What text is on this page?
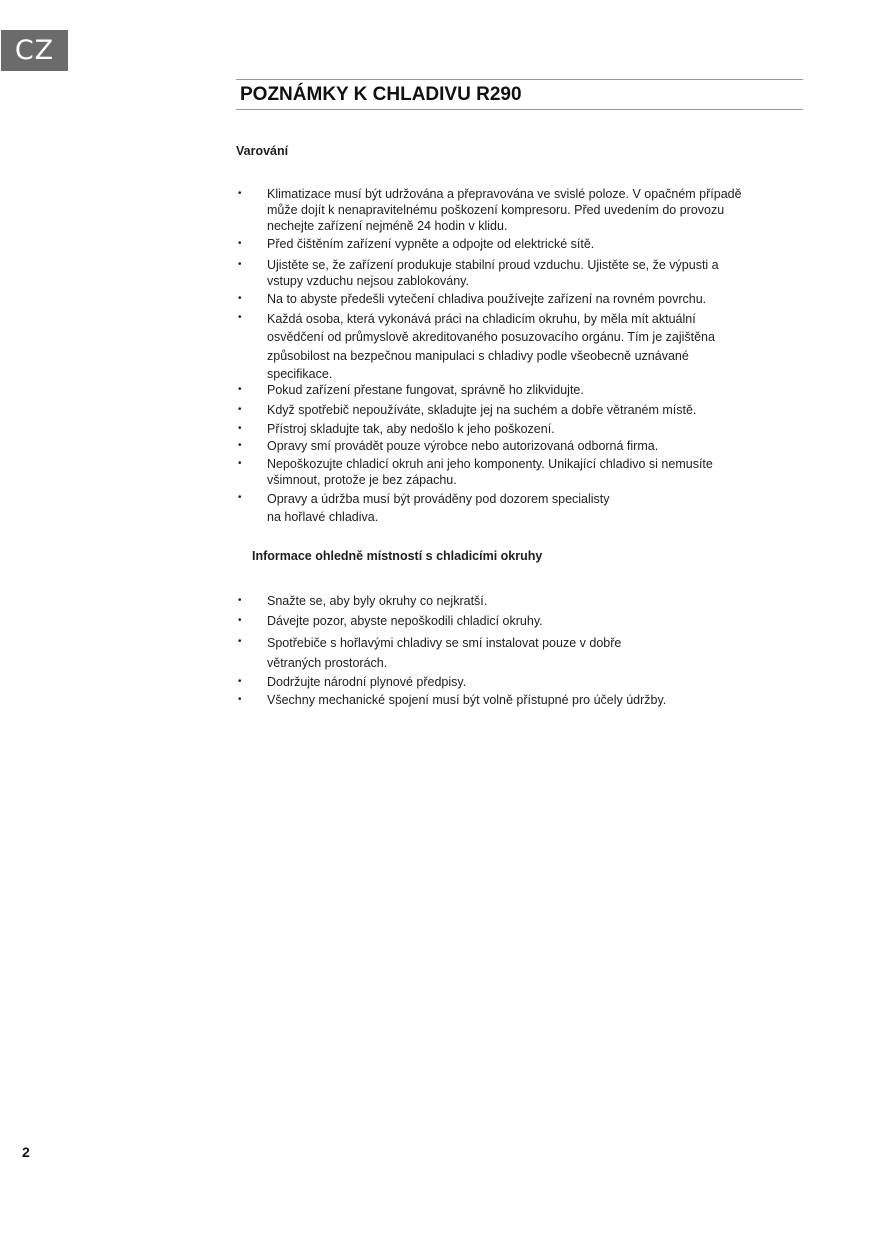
CZ
POZNÁMKY K CHLADIVU R290
Varování
• Klimatizace musí být udržována a přepravována ve svislé poloze. V opačném případě
může dojít k nenapravitelnému poškození kompresoru. Před uvedením do provozu
nechejte zařízení nejméně 24 hodin v klidu.
• Před čištěním zařízení vypněte a odpojte od elektrické sítě.
• Ujistěte se, že zařízení produkuje stabilní proud vzduchu. Ujistěte se, že výpusti a
vstupy vzduchu nejsou zablokovány.
• Na to abyste předešli vytečení chladiva používejte zařízení na rovném povrchu.
• Každá osoba, která vykonává práci na chladicím okruhu, by měla mít aktuální
osvědčení od průmyslově akreditovaného posuzovacího orgánu. Tím je zajištěna
způsobilost na bezpečnou manipulaci s chladivy podle všeobecně uznávané
specifikace.
• Pokud zařízení přestane fungovat, správně ho zlikvidujte.
• Když spotřebič nepoužíváte, skladujte jej na suchém a dobře větraném místě.
• Přístroj skladujte tak, aby nedošlo k jeho poškození.
• Opravy smí provádět pouze výrobce nebo autorizovaná odborná firma.
• Nepoškozujte chladicí okruh ani jeho komponenty. Unikající chladivo si nemusíte
všimnout, protože je bez zápachu.
• Opravy a údržba musí být prováděny pod dozorem specialisty
na hořlavé chladiva.
Informace ohledně místností s chladicími okruhy
• Snažte se, aby byly okruhy co nejkratší.
• Dávejte pozor, abyste nepoškodili chladicí okruhy.
• Spotřebiče s hořlavými chladivy se smí instalovat pouze v dobře
větraných prostorách.
• Dodržujte národní plynové předpisy.
• Všechny mechanické spojení musí být volně přístupné pro účely údržby.
2
